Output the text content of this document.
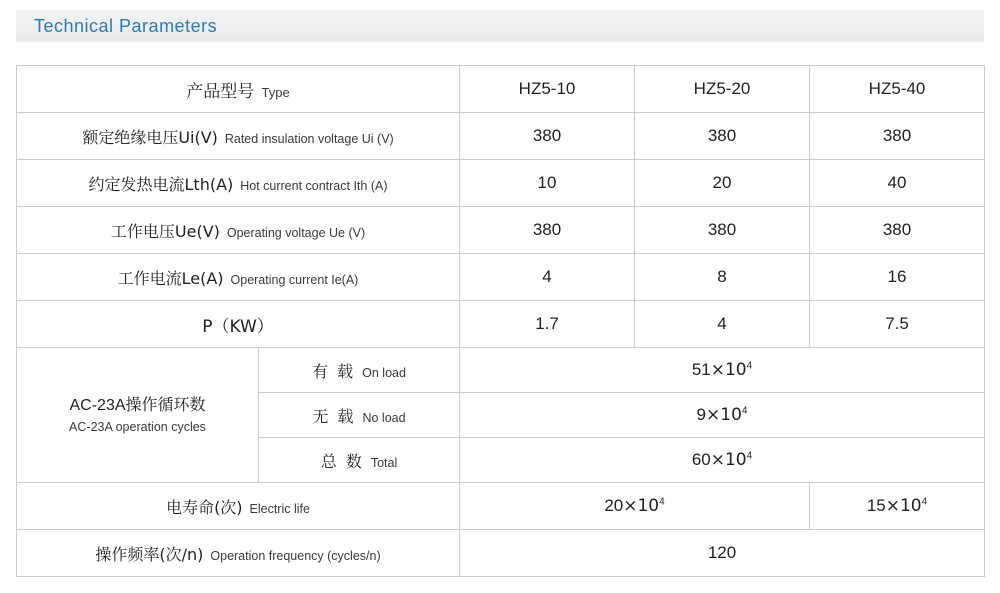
Technical Parameters
产品型号 Type		HZ5-10	HZ5-20	HZ5-40
额定绝缘电压Ui(V) Rated insulation voltage Ui (V)		380	380	380
约定发热电流Lth(A) Hot current contract Ith (A)		10	20	40
工作电压Ue(V) Operating voltage Ue (V)		380	380	380
工作电流Le(A) Operating current Ie(A)		4	8	16
P（KW）		1.7	4	7.5

AC-23A操作循环数
AC-23A operation cycles	有 载 On load	$51\times 10^4$
	无 载 No load	$9\times 10^4$
	总 数 Total	$60\times 10^4$
电寿命(次) Electric life		$20\times 10^4$		$15\times 10^4$
操作频率(次/n) Operation frequency (cycles/n)		120		
